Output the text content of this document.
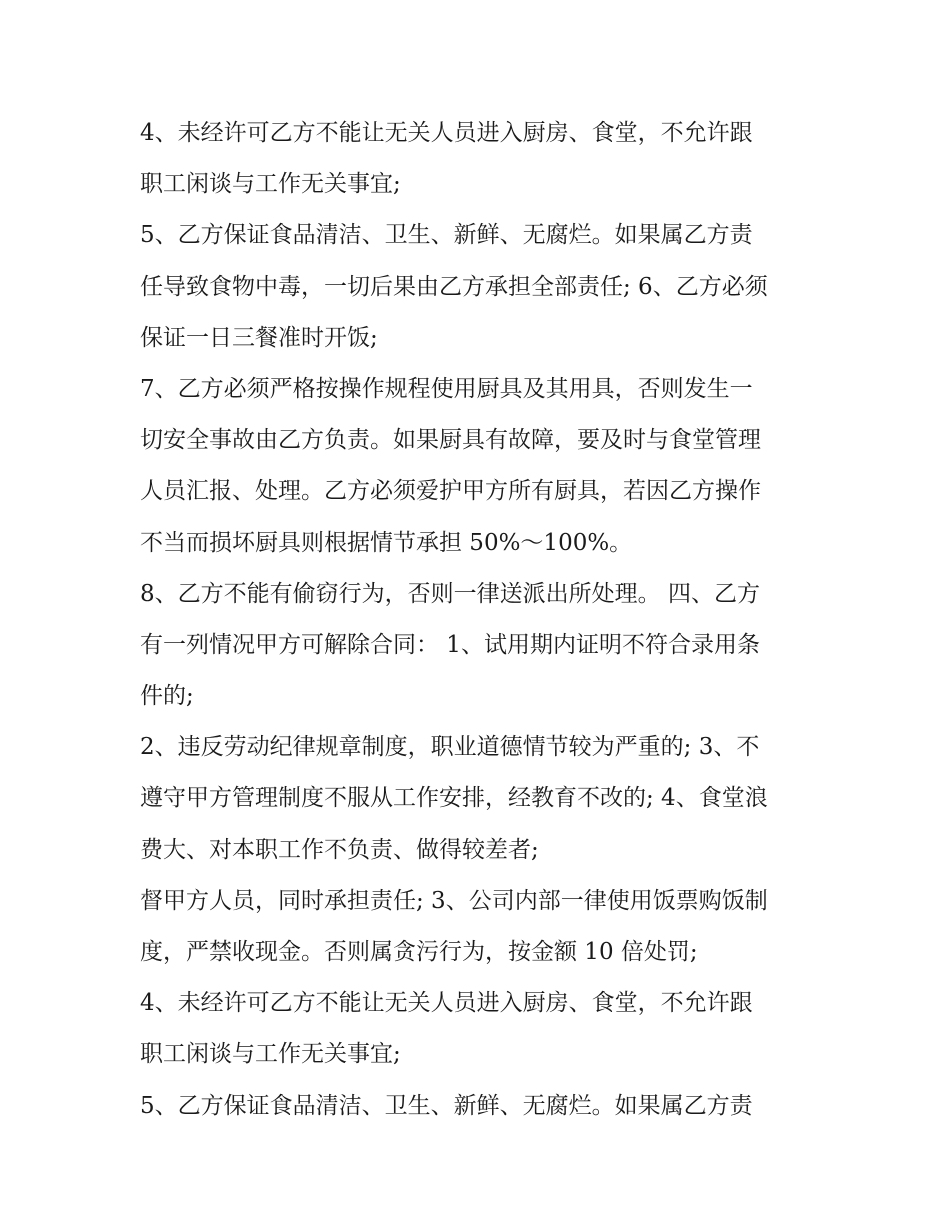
4、未经许可乙方不能让无关人员进入厨房、食堂，不允许跟
职工闲谈与工作无关事宜;
5、乙方保证食品清洁、卫生、新鲜、无腐烂。如果属乙方责
任导致食物中毒，一切后果由乙方承担全部责任; 6、乙方必须
保证一日三餐准时开饭;
7、乙方必须严格按操作规程使用厨具及其用具，否则发生一
切安全事故由乙方负责。如果厨具有故障，要及时与食堂管理
人员汇报、处理。乙方必须爱护甲方所有厨具，若因乙方操作
不当而损坏厨具则根据情节承担 50%～100%。
8、乙方不能有偷窃行为，否则一律送派出所处理。 四、乙方
有一列情况甲方可解除合同： 1、试用期内证明不符合录用条
件的;
2、违反劳动纪律规章制度，职业道德情节较为严重的; 3、不
遵守甲方管理制度不服从工作安排，经教育不改的; 4、食堂浪
费大、对本职工作不负责、做得较差者;
督甲方人员，同时承担责任; 3、公司内部一律使用饭票购饭制
度，严禁收现金。否则属贪污行为，按金额 10 倍处罚;
4、未经许可乙方不能让无关人员进入厨房、食堂，不允许跟
职工闲谈与工作无关事宜;
5、乙方保证食品清洁、卫生、新鲜、无腐烂。如果属乙方责
